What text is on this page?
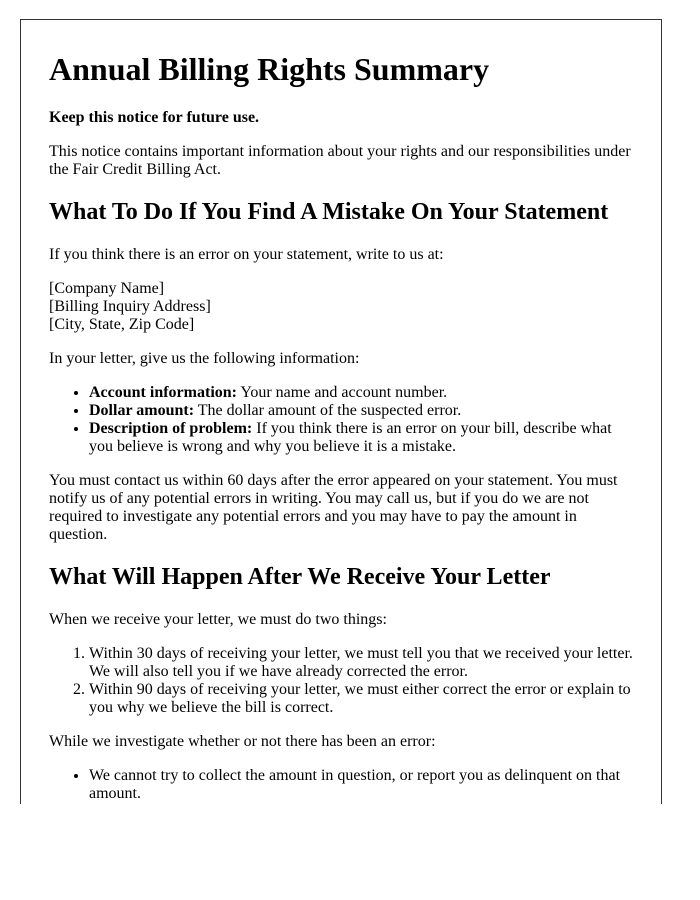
Annual Billing Rights Summary

Keep this notice for future use.

This notice contains important information about your rights and our responsibilities under the Fair Credit Billing Act.

What To Do If You Find A Mistake On Your Statement

If you think there is an error on your statement, write to us at:

[Company Name]
[Billing Inquiry Address]
[City, State, Zip Code]

In your letter, give us the following information:

• Account information: Your name and account number.
• Dollar amount: The dollar amount of the suspected error.
• Description of problem: If you think there is an error on your bill, describe what you believe is wrong and why you believe it is a mistake.

You must contact us within 60 days after the error appeared on your statement. You must notify us of any potential errors in writing. You may call us, but if you do we are not required to investigate any potential errors and you may have to pay the amount in question.

What Will Happen After We Receive Your Letter

When we receive your letter, we must do two things:

1. Within 30 days of receiving your letter, we must tell you that we received your letter. We will also tell you if we have already corrected the error.
2. Within 90 days of receiving your letter, we must either correct the error or explain to you why we believe the bill is correct.

While we investigate whether or not there has been an error:

• We cannot try to collect the amount in question, or report you as delinquent on that amount.
